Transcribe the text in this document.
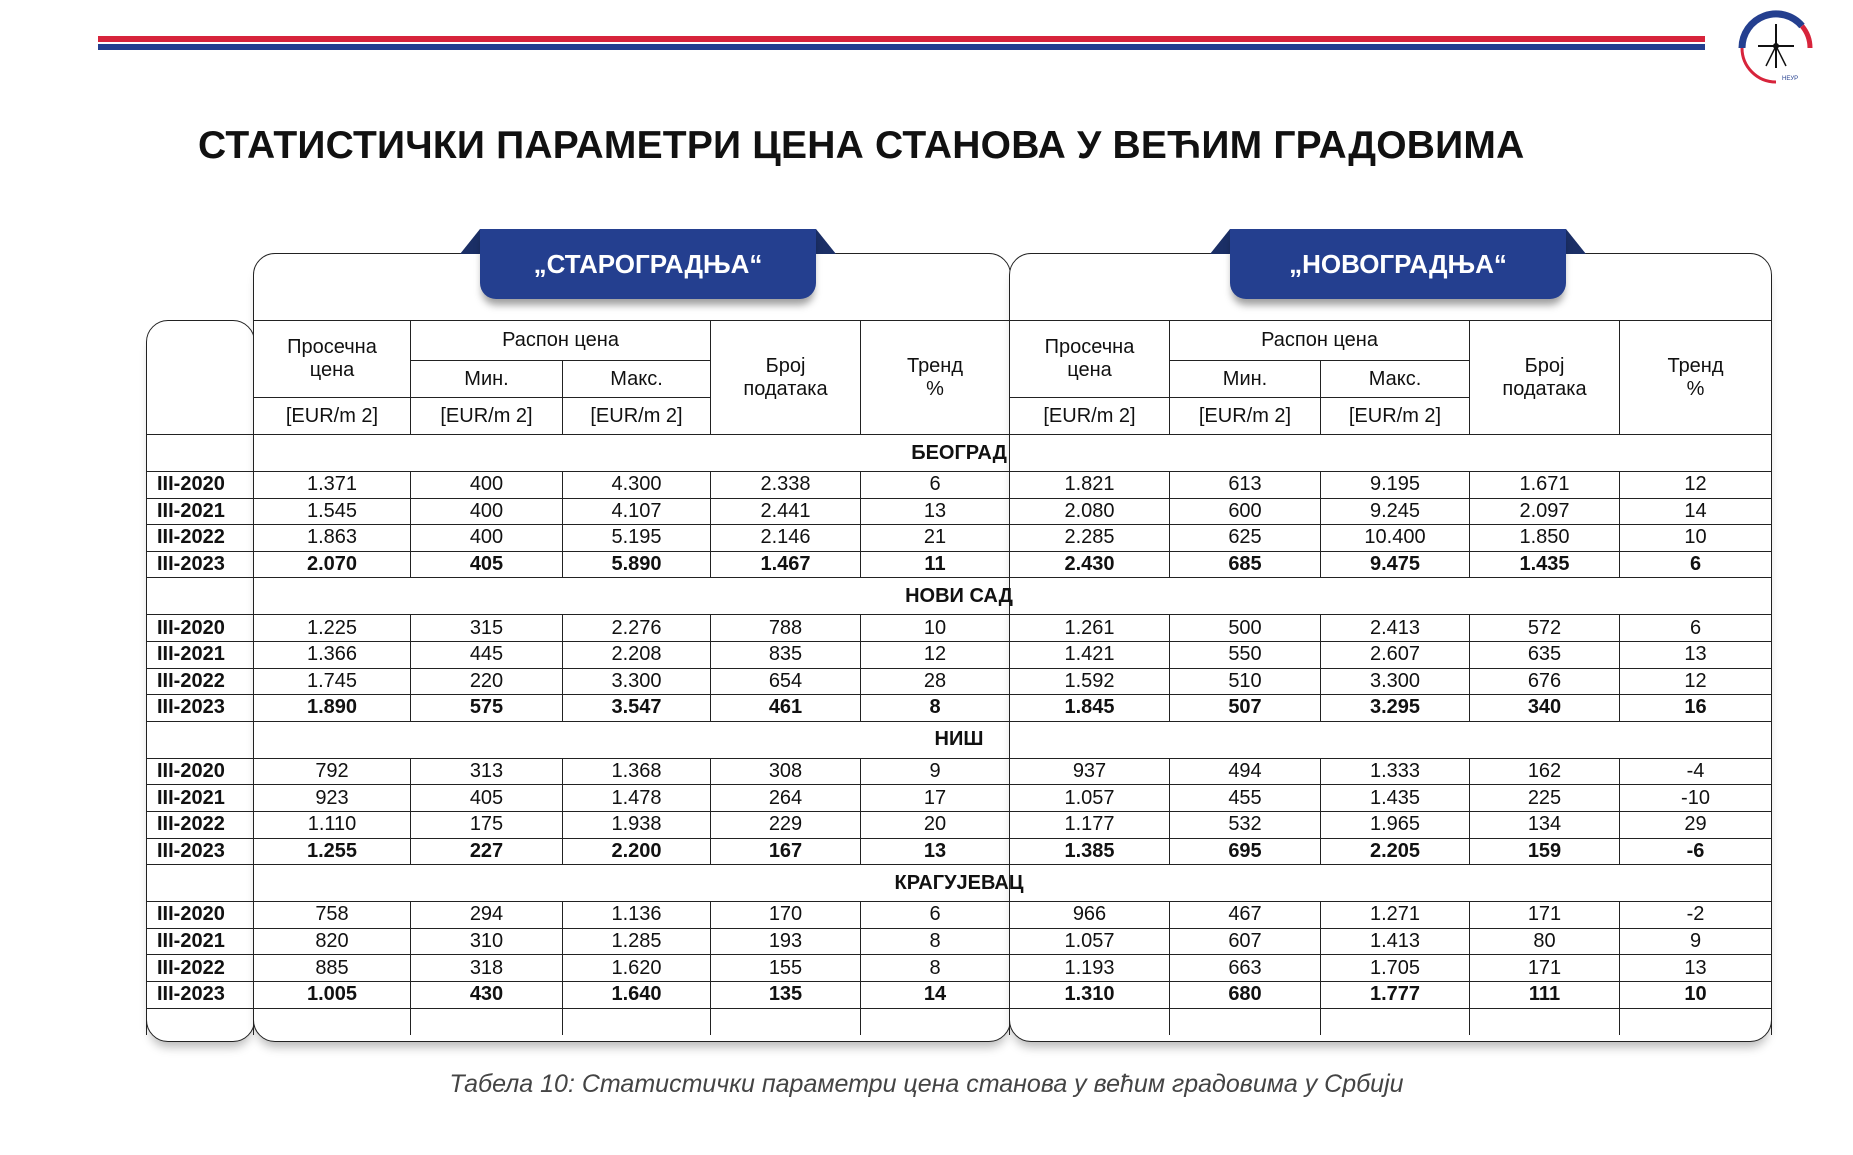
НЕУР
СТАТИСТИЧКИ ПАРАМЕТРИ ЦЕНА СТАНОВА У ВЕЋИМ ГРАДОВИМА
„СТАРОГРАДЊА“	„НОВОГРАДЊА“

	Просечна цена	Распон цена		Број података	Тренд %	Просечна цена	Распон цена		Број података	Тренд %

		Мин.	Макс.				Мин.	Макс.		
	[EUR/m 2]	[EUR/m 2]	[EUR/m 2]			[EUR/m 2]	[EUR/m 2]	[EUR/m 2]		
БЕОГРАД										
III-2020	1.371	400	4.300	2.338	6	1.821	613	9.195	1.671	12
III-2021	1.545	400	4.107	2.441	13	2.080	600	9.245	2.097	14
III-2022	1.863	400	5.195	2.146	21	2.285	625	10.400	1.850	10
III-2023	2.070	405	5.890	1.467	11	2.430	685	9.475	1.435	6
НОВИ САД										
III-2020	1.225	315	2.276	788	10	1.261	500	2.413	572	6
III-2021	1.366	445	2.208	835	12	1.421	550	2.607	635	13
III-2022	1.745	220	3.300	654	28	1.592	510	3.300	676	12
III-2023	1.890	575	3.547	461	8	1.845	507	3.295	340	16
НИШ										
III-2020	792	313	1.368	308	9	937	494	1.333	162	-4
III-2021	923	405	1.478	264	17	1.057	455	1.435	225	-10
III-2022	1.110	175	1.938	229	20	1.177	532	1.965	134	29
III-2023	1.255	227	2.200	167	13	1.385	695	2.205	159	-6
КРАГУЈЕВАЦ										
III-2020	758	294	1.136	170	6	966	467	1.271	171	-2
III-2021	820	310	1.285	193	8	1.057	607	1.413	80	9
III-2022	885	318	1.620	155	8	1.193	663	1.705	171	13
III-2023	1.005	430	1.640	135	14	1.310	680	1.777	111	10

Табела 10: Статистички параметри цена станова у већим градовима у Србији
